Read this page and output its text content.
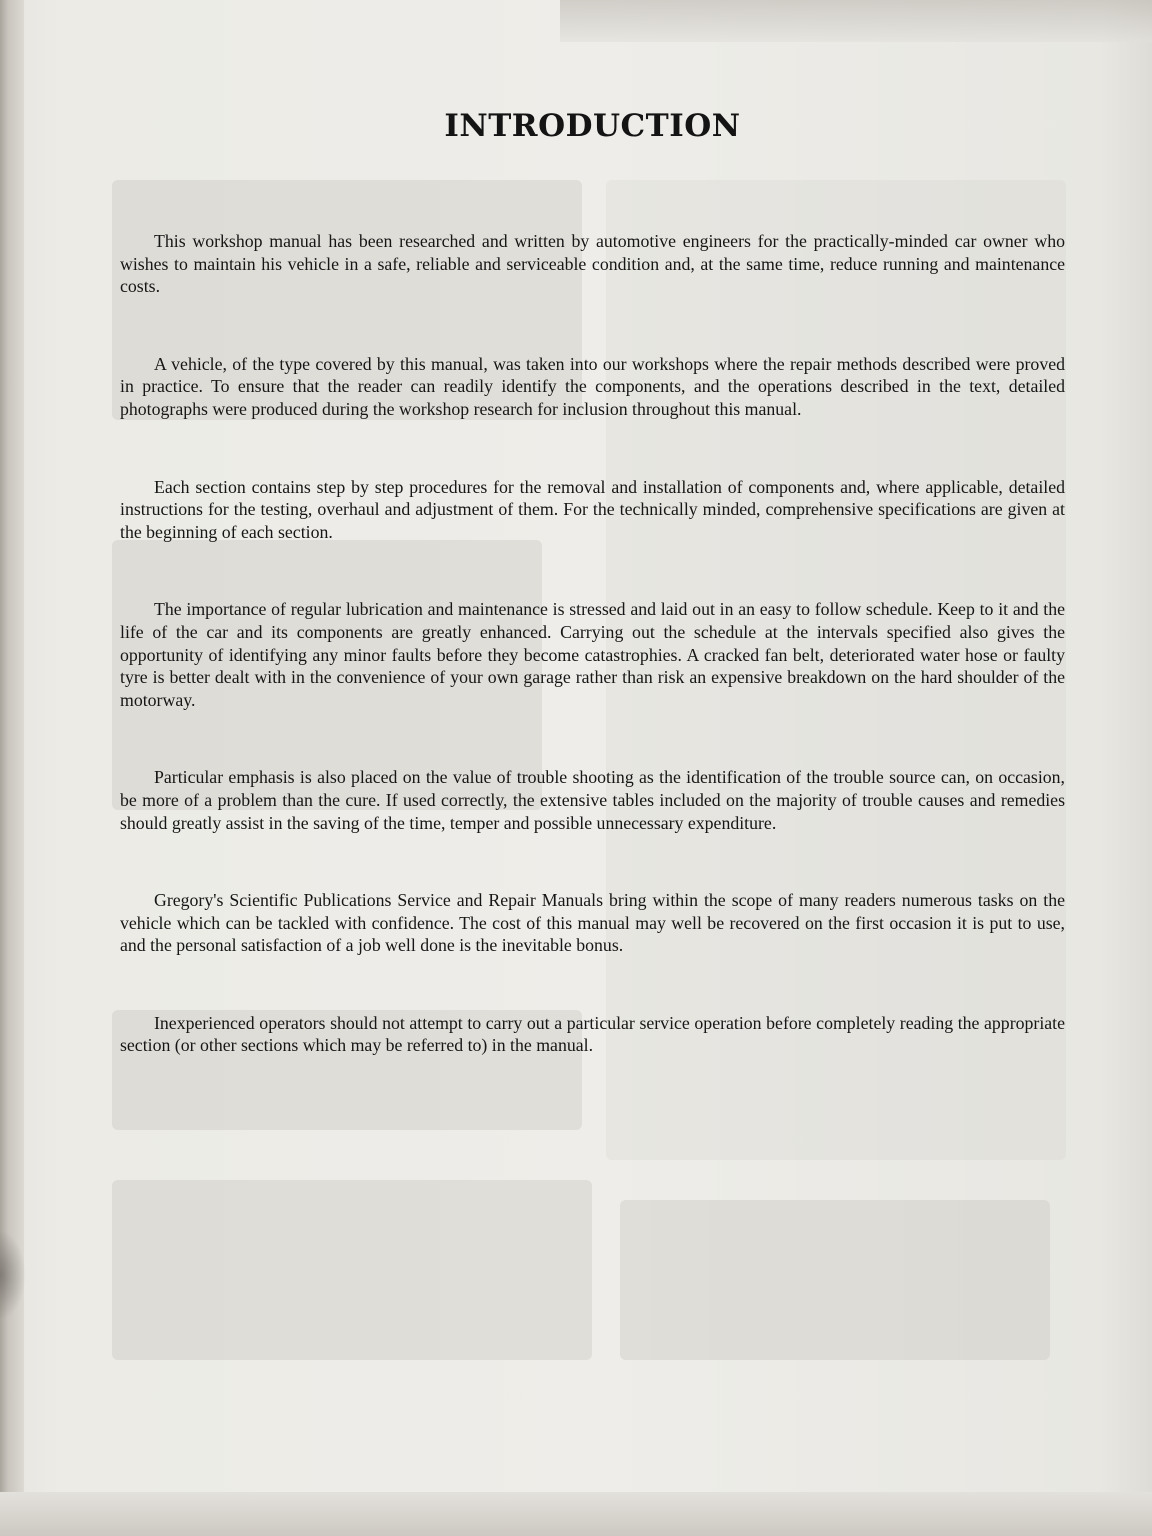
INTRODUCTION

This workshop manual has been researched and written by automotive engineers for the practically-minded car owner who wishes to maintain his vehicle in a safe, reliable and serviceable condition and, at the same time, reduce running and maintenance costs.

A vehicle, of the type covered by this manual, was taken into our workshops where the repair methods described were proved in practice. To ensure that the reader can readily identify the components, and the operations described in the text, detailed photographs were produced during the workshop research for inclusion throughout this manual.

Each section contains step by step procedures for the removal and installation of components and, where applicable, detailed instructions for the testing, overhaul and adjustment of them. For the technically minded, comprehensive specifications are given at the beginning of each section.

The importance of regular lubrication and maintenance is stressed and laid out in an easy to follow schedule. Keep to it and the life of the car and its components are greatly enhanced. Carrying out the schedule at the intervals specified also gives the opportunity of identifying any minor faults before they become catastrophies. A cracked fan belt, deteriorated water hose or faulty tyre is better dealt with in the convenience of your own garage rather than risk an expensive breakdown on the hard shoulder of the motorway.

Particular emphasis is also placed on the value of trouble shooting as the identification of the trouble source can, on occasion, be more of a problem than the cure. If used correctly, the extensive tables included on the majority of trouble causes and remedies should greatly assist in the saving of the time, temper and possible unnecessary expenditure.

Gregory's Scientific Publications Service and Repair Manuals bring within the scope of many readers numerous tasks on the vehicle which can be tackled with confidence. The cost of this manual may well be recovered on the first occasion it is put to use, and the personal satisfaction of a job well done is the inevitable bonus.

Inexperienced operators should not attempt to carry out a particular service operation before completely reading the appropriate section (or other sections which may be referred to) in the manual.
